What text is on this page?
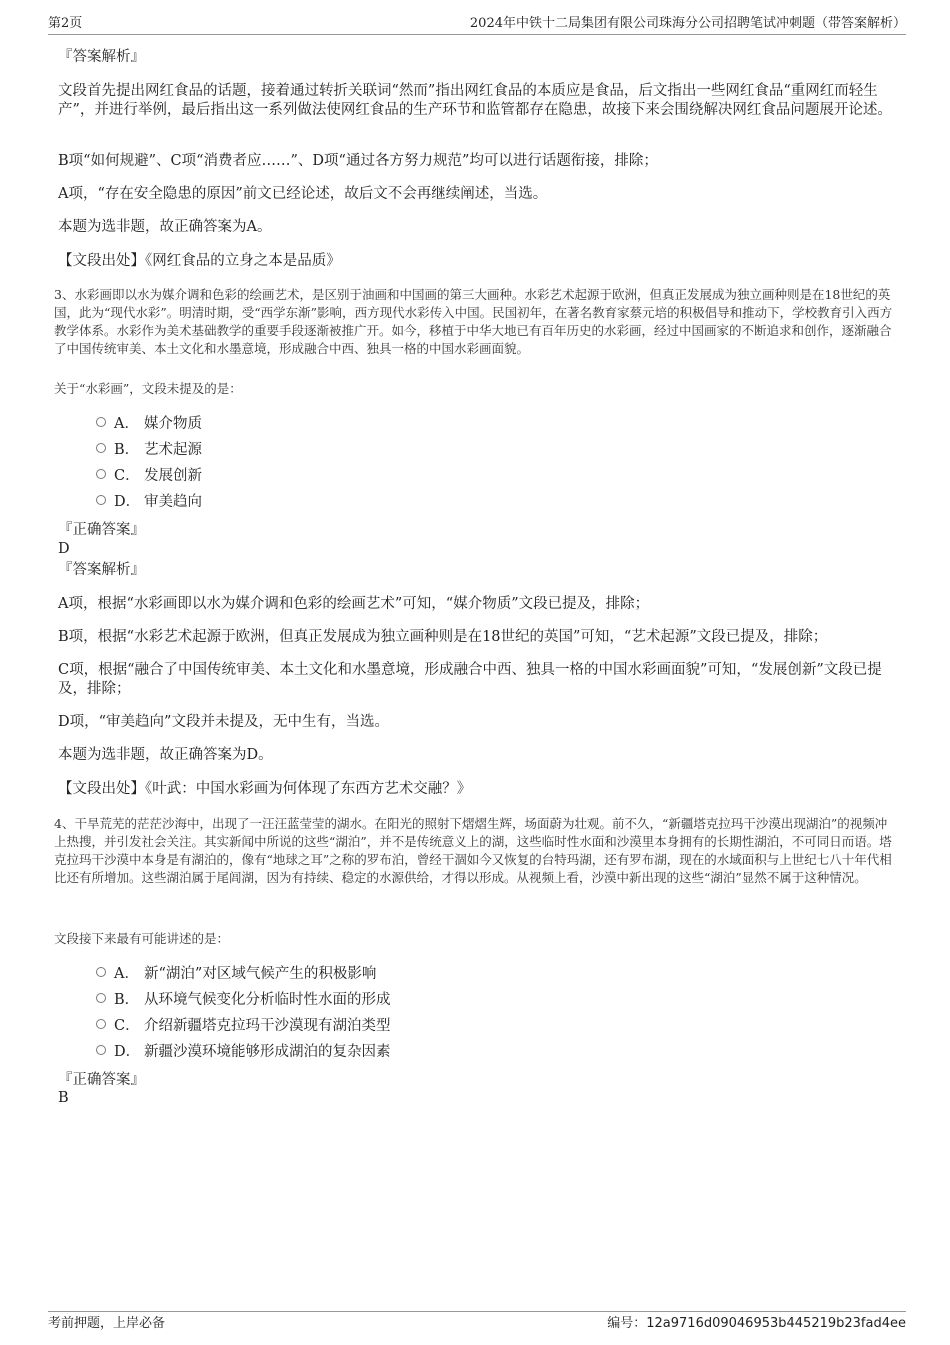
第2页	2024年中铁十二局集团有限公司珠海分公司招聘笔试冲刺题（带答案解析）
『答案解析』
文段首先提出网红食品的话题，接着通过转折关联词“然而”指出网红食品的本质应是食品，后文指出一些网红食品“重网红而轻生产”，并进行举例，最后指出这一系列做法使网红食品的生产环节和监管都存在隐患，故接下来会围绕解决网红食品问题展开论述。
B项“如何规避”、C项“消费者应……”、D项“通过各方努力规范”均可以进行话题衔接，排除；
A项，“存在安全隐患的原因”前文已经论述，故后文不会再继续阐述，当选。
本题为选非题，故正确答案为A。
【文段出处】《网红食品的立身之本是品质》
3、水彩画即以水为媒介调和色彩的绘画艺术，是区别于油画和中国画的第三大画种。水彩艺术起源于欧洲，但真正发展成为独立画种则是在18世纪的英国，此为“现代水彩”。明清时期，受“西学东渐”影响，西方现代水彩传入中国。民国初年，在著名教育家蔡元培的积极倡导和推动下，学校教育引入西方教学体系。水彩作为美术基础教学的重要手段逐渐被推广开。如今，移植于中华大地已有百年历史的水彩画，经过中国画家的不断追求和创作，逐渐融合了中国传统审美、本土文化和水墨意境，形成融合中西、独具一格的中国水彩画面貌。
关于“水彩画”，文段未提及的是：
A． 媒介物质
B． 艺术起源
C． 发展创新
D． 审美趋向
『正确答案』
D
『答案解析』
A项，根据“水彩画即以水为媒介调和色彩的绘画艺术”可知，“媒介物质”文段已提及，排除；
B项，根据“水彩艺术起源于欧洲，但真正发展成为独立画种则是在18世纪的英国”可知，“艺术起源”文段已提及，排除；
C项，根据“融合了中国传统审美、本土文化和水墨意境，形成融合中西、独具一格的中国水彩画面貌”可知，“发展创新”文段已提及，排除；
D项，“审美趋向”文段并未提及，无中生有，当选。
本题为选非题，故正确答案为D。
【文段出处】《叶武：中国水彩画为何体现了东西方艺术交融？》
4、干旱荒芜的茫茫沙海中，出现了一汪汪蓝莹莹的湖水。在阳光的照射下熠熠生辉，场面蔚为壮观。前不久，“新疆塔克拉玛干沙漠出现湖泊”的视频冲上热搜，并引发社会关注。其实新闻中所说的这些“湖泊”，并不是传统意义上的湖，这些临时性水面和沙漠里本身拥有的长期性湖泊，不可同日而语。塔克拉玛干沙漠中本身是有湖泊的，像有“地球之耳”之称的罗布泊，曾经干涸如今又恢复的台特玛湖，还有罗布湖，现在的水域面积与上世纪七八十年代相比还有所增加。这些湖泊属于尾闾湖，因为有持续、稳定的水源供给，才得以形成。从视频上看，沙漠中新出现的这些“湖泊”显然不属于这种情况。
文段接下来最有可能讲述的是：
A． 新“湖泊”对区域气候产生的积极影响
B． 从环境气候变化分析临时性水面的形成
C． 介绍新疆塔克拉玛干沙漠现有湖泊类型
D． 新疆沙漠环境能够形成湖泊的复杂因素
『正确答案』
B
考前押题，上岸必备	编号：12a9716d09046953b445219b23fad4ee
